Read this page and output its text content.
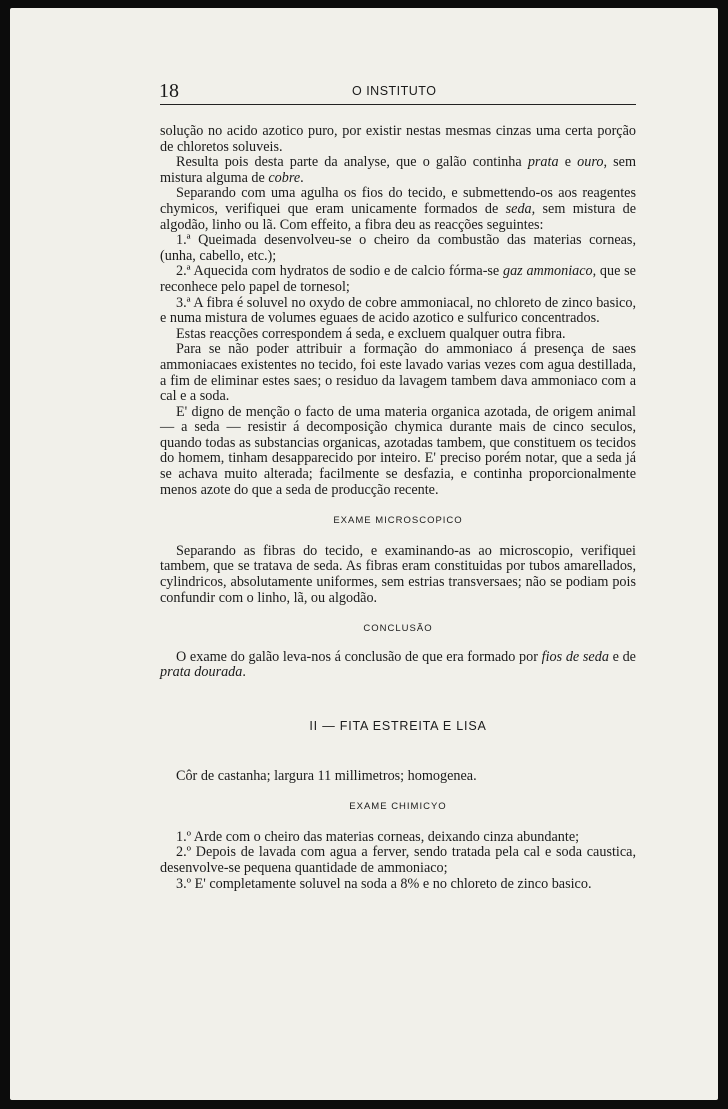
18	O INSTITUTO

solução no acido azotico puro, por existir nestas mesmas cinzas uma certa porção de chloretos soluveis.

Resulta pois desta parte da analyse, que o galão continha prata e ouro, sem mistura alguma de cobre.

Separando com uma agulha os fios do tecido, e submettendo-os aos reagentes chymicos, verifiquei que eram unicamente formados de seda, sem mistura de algodão, linho ou lã. Com effeito, a fibra deu as reacções seguintes:

1.ª Queimada desenvolveu-se o cheiro da combustão das materias corneas, (unha, cabello, etc.);

2.ª Aquecida com hydratos de sodio e de calcio fórma-se gaz ammoniaco, que se reconhece pelo papel de tornesol;

3.ª A fibra é soluvel no oxydo de cobre ammoniacal, no chloreto de zinco basico, e numa mistura de volumes eguaes de acido azotico e sulfurico concentrados.

Estas reacções correspondem á seda, e excluem qualquer outra fibra.

Para se não poder attribuir a formação do ammoniaco á presença de saes ammoniacaes existentes no tecido, foi este lavado varias vezes com agua destillada, a fim de eliminar estes saes; o residuo da lavagem tambem dava ammoniaco com a cal e a soda.

E' digno de menção o facto de uma materia organica azotada, de origem animal — a seda — resistir á decomposição chymica durante mais de cinco seculos, quando todas as substancias organicas, azotadas tambem, que constituem os tecidos do homem, tinham desapparecido por inteiro. E' preciso porém notar, que a seda já se achava muito alterada; facilmente se desfazia, e continha proporcionalmente menos azote do que a seda de producção recente.

EXAME MICROSCOPICO

Separando as fibras do tecido, e examinando-as ao microscopio, verifiquei tambem, que se tratava de seda. As fibras eram constituidas por tubos amarellados, cylindricos, absolutamente uniformes, sem estrias transversaes; não se podiam pois confundir com o linho, lã, ou algodão.

CONCLUSÃO

O exame do galão leva-nos á conclusão de que era formado por fios de seda e de prata dourada.

II — FITA ESTREITA E LISA

Côr de castanha; largura 11 millimetros; homogenea.

EXAME CHIMICYO

1.º Arde com o cheiro das materias corneas, deixando cinza abundante;

2.º Depois de lavada com agua a ferver, sendo tratada pela cal e soda caustica, desenvolve-se pequena quantidade de ammoniaco;

3.º E' completamente soluvel na soda a 8% e no chloreto de zinco basico.
